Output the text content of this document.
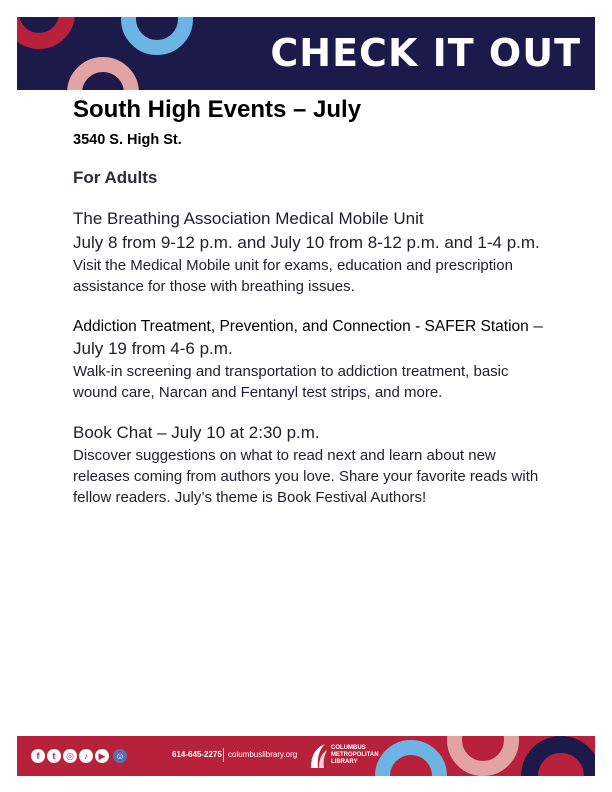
CHECK IT OUT
South High Events – July
3540 S. High St.
For Adults
The Breathing Association Medical Mobile Unit
July 8 from 9-12 p.m. and July 10 from 8-12 p.m. and 1-4 p.m.
Visit the Medical Mobile unit for exams, education and prescription assistance for those with breathing issues.
Addiction Treatment, Prevention, and Connection - SAFER Station – July 19 from 4-6 p.m.
Walk-in screening and transportation to addiction treatment, basic wound care, Narcan and Fentanyl test strips, and more.
Book Chat – July 10 at 2:30 p.m.
Discover suggestions on what to read next and learn about new releases coming from authors you love. Share your favorite reads with fellow readers. July’s theme is Book Festival Authors!
f	t	◎	♪	▶	☺	614-645-2275 columbuslibrary.org
COLUMBUS
METROPOLITAN
LIBRARY
